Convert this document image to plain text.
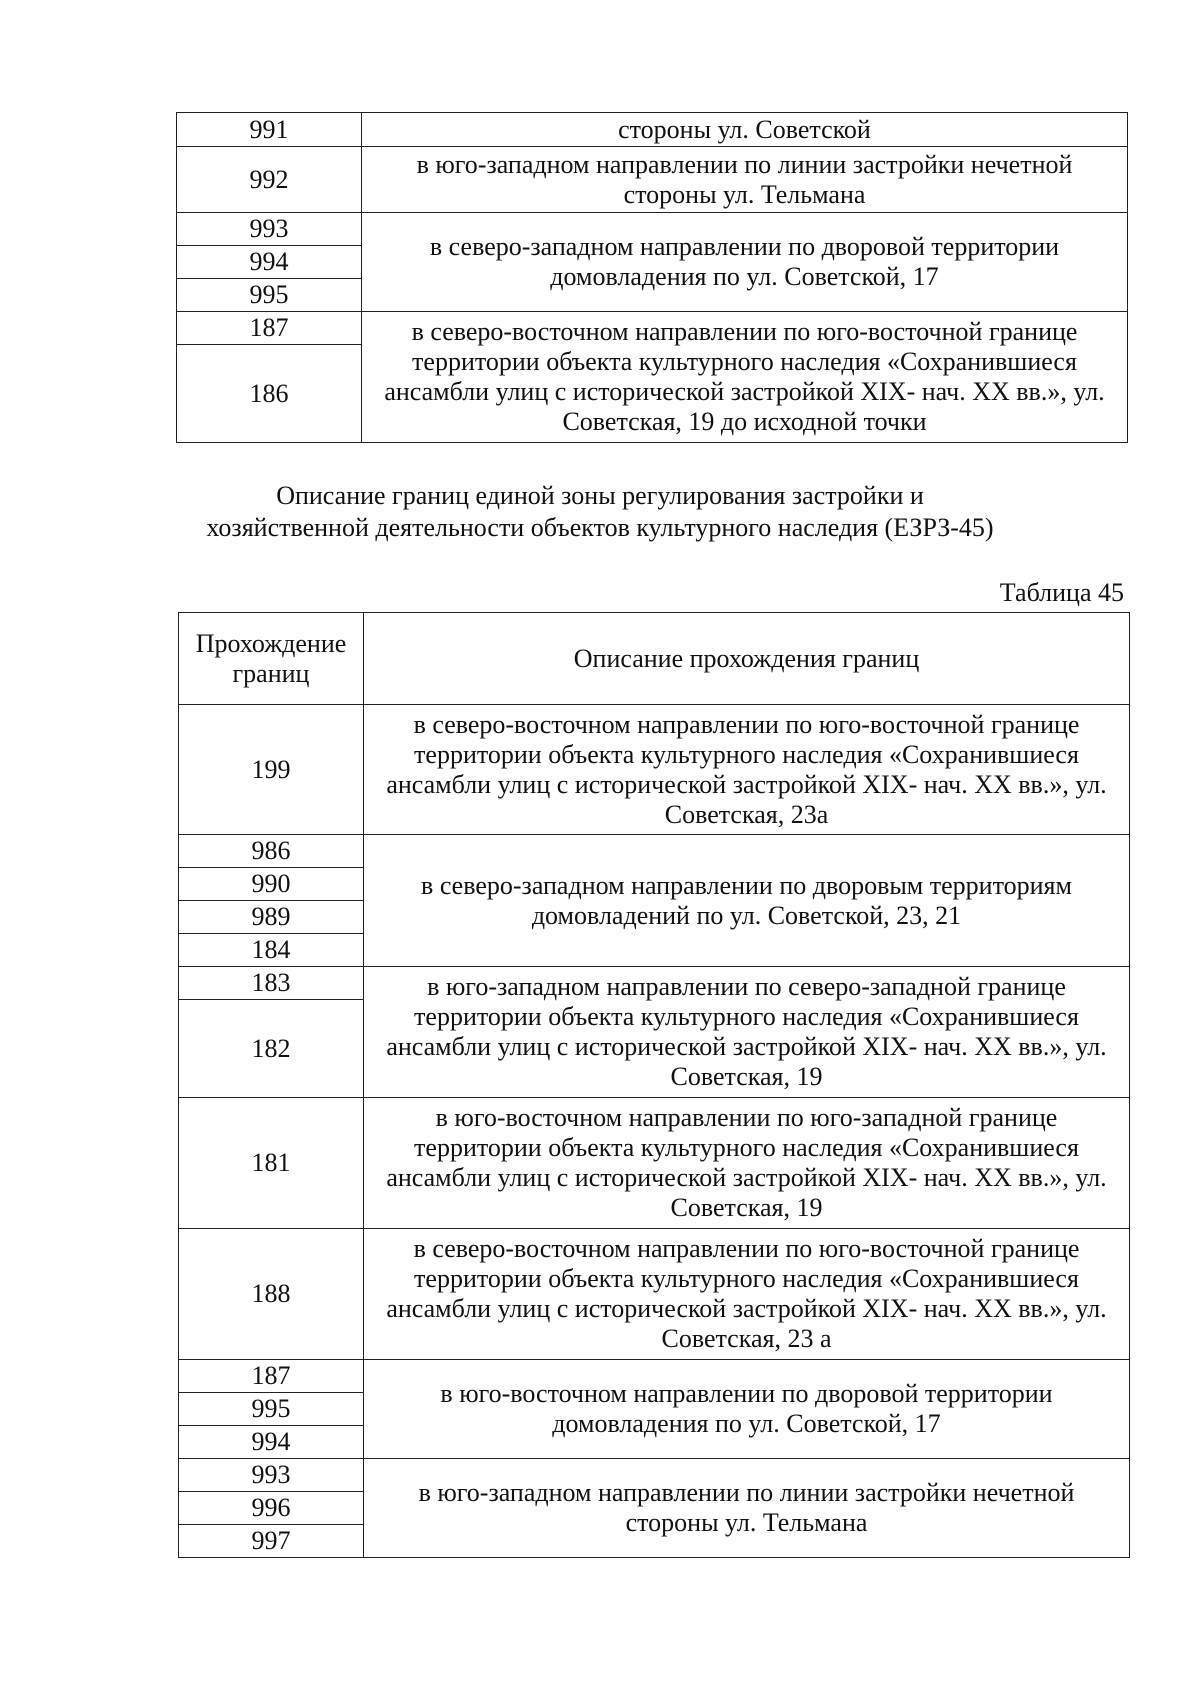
991	стороны ул. Советской
992	в юго-западном направлении по линии застройки нечетной стороны ул. Тельмана
993	в северо-западном направлении по дворовой территории домовладения по ул. Советской, 17
994	
995	
187	в северо-восточном направлении по юго-восточной границе территории объекта культурного наследия «Сохранившиеся ансамбли улиц с исторической застройкой XIX- нач. XX вв.», ул. Советская, 19 до исходной точки
186	
Описание границ единой зоны регулирования застройки и
хозяйственной деятельности объектов культурного наследия (ЕЗРЗ-45)
Таблица 45
Прохождение границ	Описание прохождения границ
199	в северо-восточном направлении по юго-восточной границе территории объекта культурного наследия «Сохранившиеся ансамбли улиц с исторической застройкой XIX- нач. XX вв.», ул. Советская, 23а
986	в северо-западном направлении по дворовым территориям домовладений по ул. Советской, 23, 21
990	
989	
184	
183	в юго-западном направлении по северо-западной границе территории объекта культурного наследия «Сохранившиеся ансамбли улиц с исторической застройкой XIX- нач. XX вв.», ул. Советская, 19
182	
181	в юго-восточном направлении по юго-западной границе территории объекта культурного наследия «Сохранившиеся ансамбли улиц с исторической застройкой XIX- нач. XX вв.», ул. Советская, 19
188	в северо-восточном направлении по юго-восточной границе территории объекта культурного наследия «Сохранившиеся ансамбли улиц с исторической застройкой XIX- нач. XX вв.», ул. Советская, 23 а
187	в юго-восточном направлении по дворовой территории домовладения по ул. Советской, 17
995	
994	
993	в юго-западном направлении по линии застройки нечетной стороны ул. Тельмана
996	
997	
